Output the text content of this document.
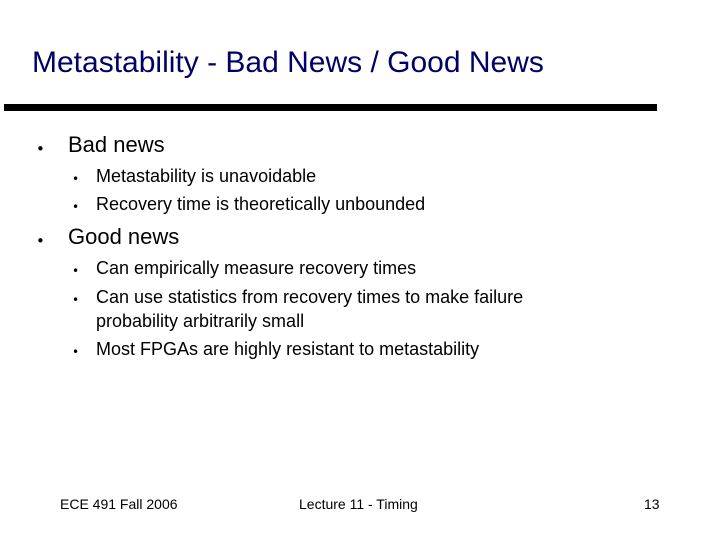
Metastability - Bad News / Good News
• Bad news
• Metastability is unavoidable
• Recovery time is theoretically unbounded
• Good news
• Can empirically measure recovery times
• Can use statistics from recovery times to make failure
probability arbitrarily small
• Most FPGAs are highly resistant to metastability
ECE 491 Fall 2006	Lecture 11 - Timing	13
